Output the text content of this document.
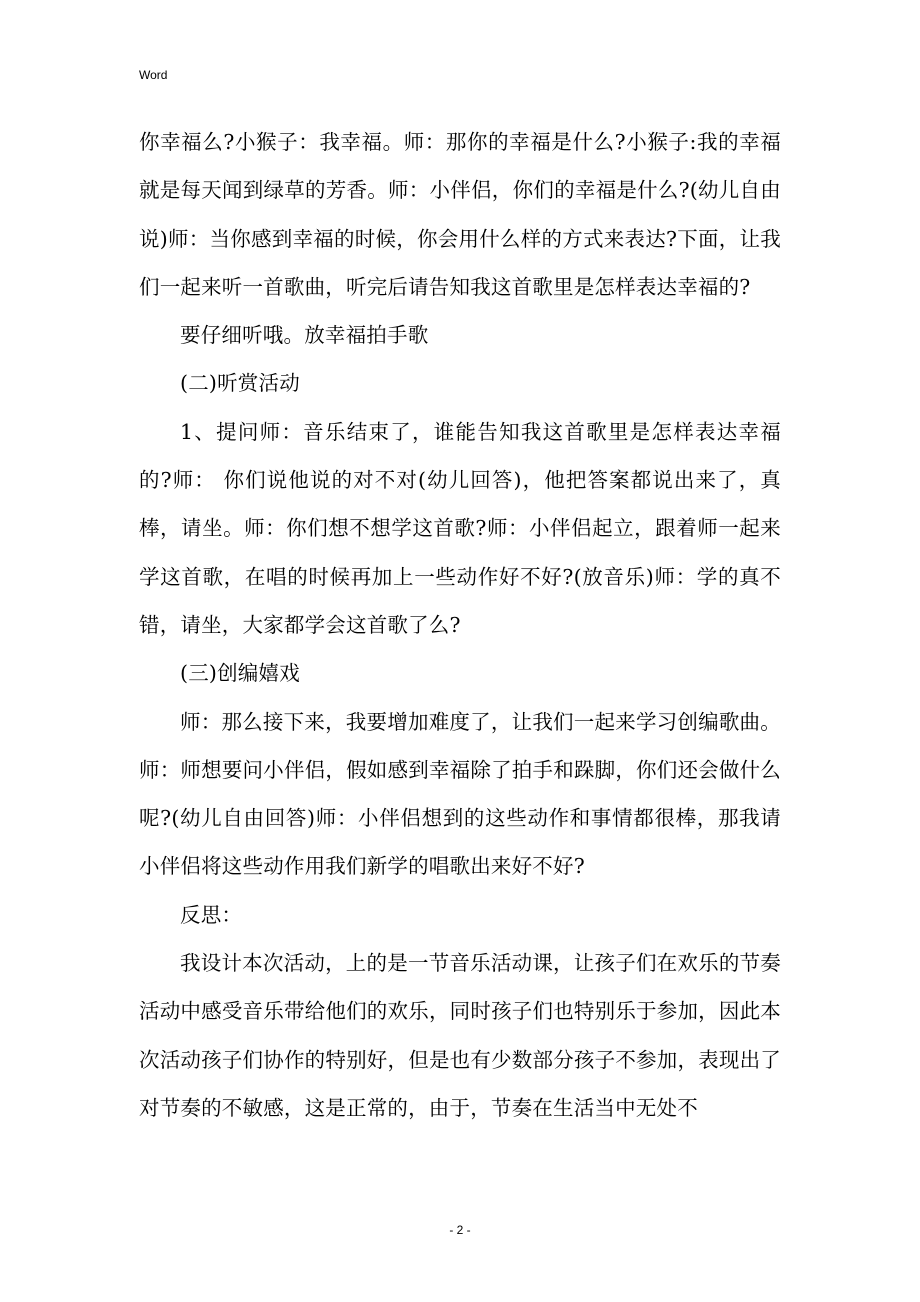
Word

你幸福么?小猴子：我幸福。师：那你的幸福是什么?小猴子:我的幸福就是每天闻到绿草的芳香。师：小伴侣，你们的幸福是什么?(幼儿自由说)师：当你感到幸福的时候，你会用什么样的方式来表达?下面，让我们一起来听一首歌曲，听完后请告知我这首歌里是怎样表达幸福的?

要仔细听哦。放幸福拍手歌

(二)听赏活动

1、提问师：音乐结束了，谁能告知我这首歌里是怎样表达幸福的?师： 你们说他说的对不对(幼儿回答)，他把答案都说出来了，真棒，请坐。师：你们想不想学这首歌?师：小伴侣起立，跟着师一起来学这首歌，在唱的时候再加上一些动作好不好?(放音乐)师：学的真不错，请坐，大家都学会这首歌了么?

(三)创编嬉戏

师：那么接下来，我要增加难度了，让我们一起来学习创编歌曲。师：师想要问小伴侣，假如感到幸福除了拍手和跺脚，你们还会做什么呢?(幼儿自由回答)师：小伴侣想到的这些动作和事情都很棒，那我请小伴侣将这些动作用我们新学的唱歌出来好不好?

反思：

我设计本次活动，上的是一节音乐活动课，让孩子们在欢乐的节奏活动中感受音乐带给他们的欢乐，同时孩子们也特别乐于参加，因此本次活动孩子们协作的特别好，但是也有少数部分孩子不参加，表现出了对节奏的不敏感，这是正常的，由于，节奏在生活当中无处不

- 2 -
